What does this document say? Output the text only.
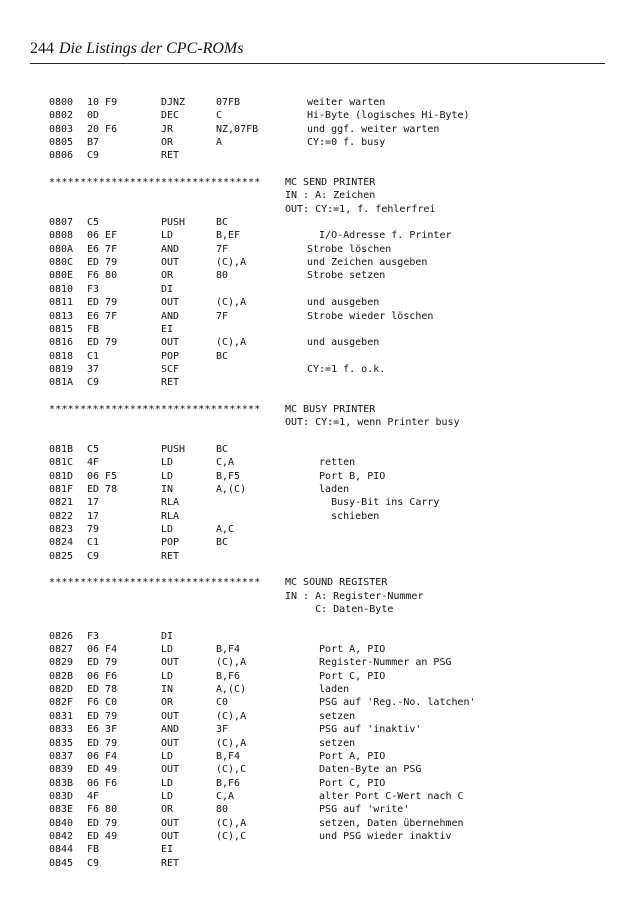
244 Die Listings der CPC-ROMs
0800 10 F9	DJNZ	07FB	weiter warten
0802 0D	DEC	C	Hi-Byte (logisches Hi-Byte)
0803 20 F6	JR	NZ,07FB	und ggf. weiter warten
0805 B7	OR	A	CY:=0 f. busy
0806 C9	RET
********************************** MC SEND PRINTER
IN : A: Zeichen
OUT: CY:=1, f. fehlerfrei
0807 C5	PUSH	BC
0808 06 EF	LD	B,EF	I/O-Adresse f. Printer
080A E6 7F	AND	7F	Strobe löschen
080C ED 79	OUT	(C),A	und Zeichen ausgeben
080E F6 80	OR	80	Strobe setzen
0810 F3	DI
0811 ED 79	OUT	(C),A	und ausgeben
0813 E6 7F	AND	7F	Strobe wieder löschen
0815 FB	EI
0816 ED 79	OUT	(C),A	und ausgeben
0818 C1	POP	BC
0819 37	SCF	CY:=1 f. o.k.
081A C9	RET
********************************** MC BUSY PRINTER
OUT: CY:=1, wenn Printer busy
081B C5	PUSH	BC
081C 4F	LD	C,A	retten
081D 06 F5	LD	B,F5	Port B, PIO
081F ED 78	IN	A,(C)	laden
0821 17	RLA	Busy-Bit ins Carry
0822 17	RLA	schieben
0823 79	LD	A,C
0824 C1	POP	BC
0825 C9	RET
********************************** MC SOUND REGISTER
IN : A: Register-Nummer
C: Daten-Byte
0826 F3	DI
0827 06 F4	LD	B,F4	Port A, PIO
0829 ED 79	OUT	(C),A	Register-Nummer an PSG
082B 06 F6	LD	B,F6	Port C, PIO
082D ED 78	IN	A,(C)	laden
082F F6 C0	OR	C0	PSG auf 'Reg.-No. latchen'
0831 ED 79	OUT	(C),A	setzen
0833 E6 3F	AND	3F	PSG auf 'inaktiv'
0835 ED 79	OUT	(C),A	setzen
0837 06 F4	LD	B,F4	Port A, PIO
0839 ED 49	OUT	(C),C	Daten-Byte an PSG
083B 06 F6	LD	B,F6	Port C, PIO
083D 4F	LD	C,A	alter Port C-Wert nach C
083E F6 80	OR	80	PSG auf 'write'
0840 ED 79	OUT	(C),A	setzen, Daten übernehmen
0842 ED 49	OUT	(C),C	und PSG wieder inaktiv
0844 FB	EI
0845 C9	RET
